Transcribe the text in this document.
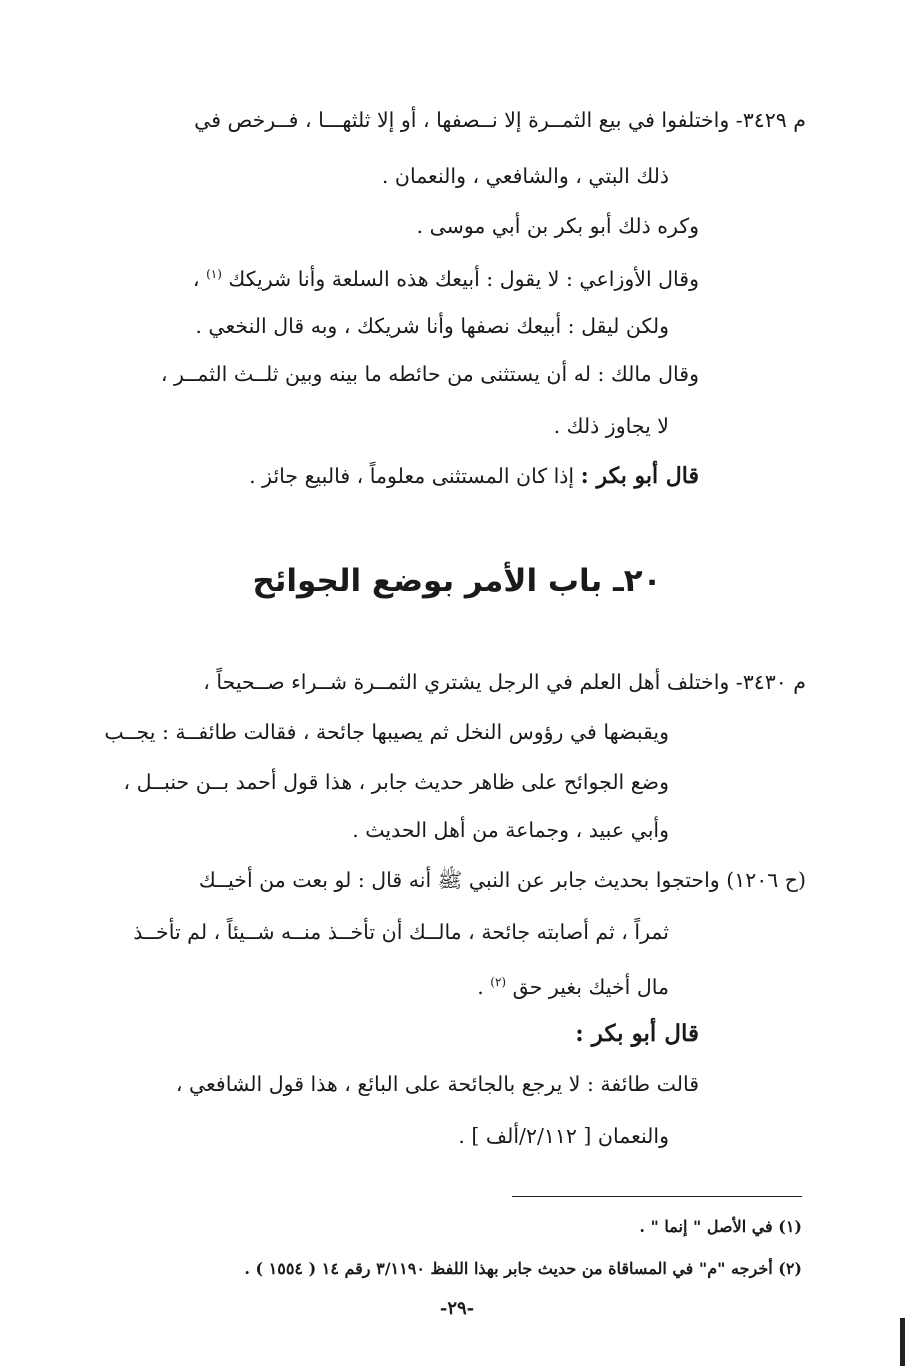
م ٣٤٢٩- واختلفوا في بيع الثمــرة إلا نــصفها ، أو إلا ثلثهـــا ، فــرخص في
ذلك البتي ، والشافعي ، والنعمان .
وكره ذلك أبو بكر بن أبي موسى .
وقال الأوزاعي : لا يقول : أبيعك هذه السلعة وأنا شريكك $^{(١)}$ ،
ولكن ليقل : أبيعك نصفها وأنا شريكك ، وبه قال النخعي .
وقال مالك : له أن يستثنى من حائطه ما بينه وبين ثلــث الثمــر ،
لا يجاوز ذلك .
قال أبو بكر : إذا كان المستثنى معلوماً ، فالبيع جائز .
٢٠ـ باب الأمر بوضع الجوائح
م ٣٤٣٠- واختلف أهل العلم في الرجل يشتري الثمــرة شــراء صــحيحاً ،
ويقبضها في رؤوس النخل ثم يصيبها جائحة ، فقالت طائفــة : يجــب
وضع الجوائح على ظاهر حديث جابر ، هذا قول أحمد بــن حنبــل ،
وأبي عبيد ، وجماعة من أهل الحديث .
(ح ١٢٠٦) واحتجوا بحديث جابر عن النبي ﷺ أنه قال : لو بعت من أخيــك
ثمراً ، ثم أصابته جائحة ، مالــك أن تأخــذ منــه شــيئاً ، لم تأخــذ
مال أخيك بغير حق $^{(٢)}$ .
قال أبو بكر :
قالت طائفة : لا يرجع بالجائحة على البائع ، هذا قول الشافعي ،
والنعمان [ ٢/١١٢/ألف ] .
(١) في الأصل " إنما " .
(٢) أخرجه "م" في المساقاة من حديث جابر بهذا اللفظ ٣/١١٩٠ رقم ١٤ ( ١٥٥٤ ) .
-٢٩-
